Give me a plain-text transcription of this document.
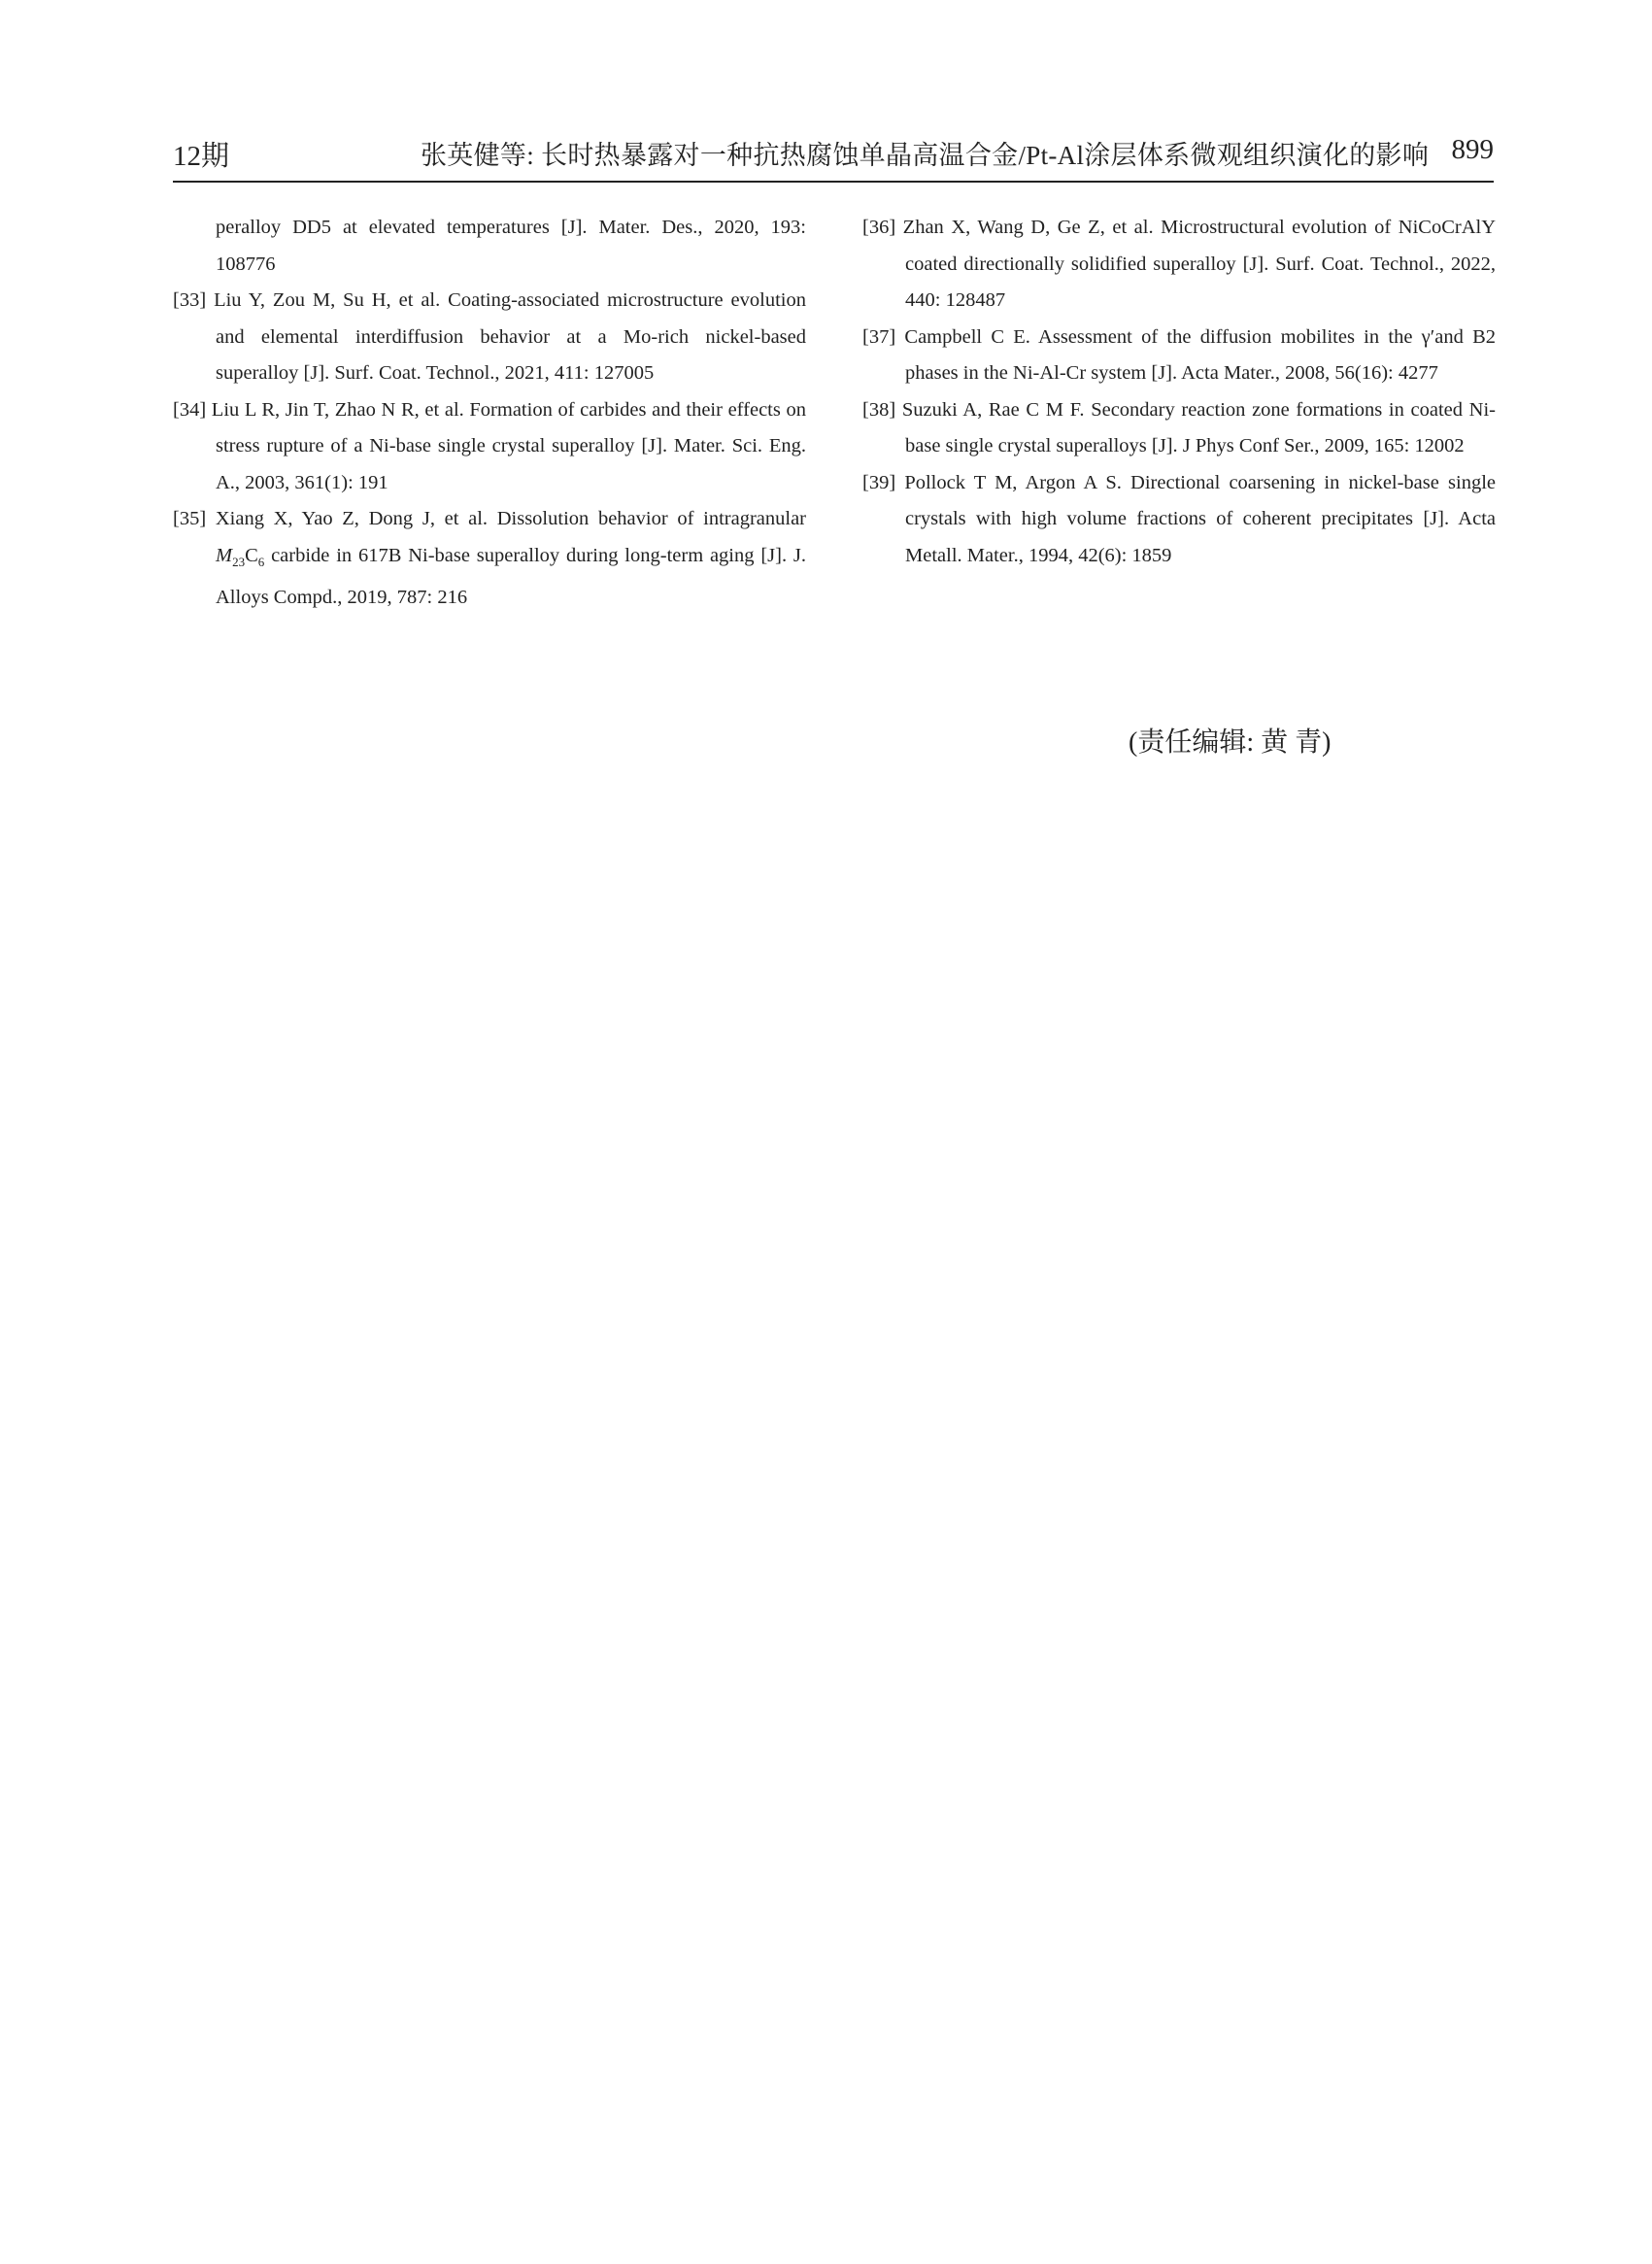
12期	张英健等: 长时热暴露对一种抗热腐蚀单晶高温合金/Pt-Al涂层体系微观组织演化的影响 899

peralloy DD5 at elevated temperatures [J]. Mater. Des., 2020, 193: 108776

[33] Liu Y, Zou M, Su H, et al. Coating-associated microstructure evolution and elemental interdiffusion behavior at a Mo-rich nickel-based superalloy [J]. Surf. Coat. Technol., 2021, 411: 127005

[34] Liu L R, Jin T, Zhao N R, et al. Formation of carbides and their effects on stress rupture of a Ni-base single crystal superalloy [J]. Mater. Sci. Eng. A., 2003, 361(1): 191

[35] Xiang X, Yao Z, Dong J, et al. Dissolution behavior of intragranular $M_{23}C_6$ carbide in 617B Ni-base superalloy during long-term aging [J]. J. Alloys Compd., 2019, 787: 216

[36] Zhan X, Wang D, Ge Z, et al. Microstructural evolution of NiCoCrAlY coated directionally solidified superalloy [J]. Surf. Coat. Technol., 2022, 440: 128487

[37] Campbell C E. Assessment of the diffusion mobilites in the γ′and B2 phases in the Ni-Al-Cr system [J]. Acta Mater., 2008, 56(16): 4277

[38] Suzuki A, Rae C M F. Secondary reaction zone formations in coated Ni-base single crystal superalloys [J]. J Phys Conf Ser., 2009, 165: 12002

[39] Pollock T M, Argon A S. Directional coarsening in nickel-base single crystals with high volume fractions of coherent precipitates [J]. Acta Metall. Mater., 1994, 42(6): 1859

(责任编辑: 黄 青)
